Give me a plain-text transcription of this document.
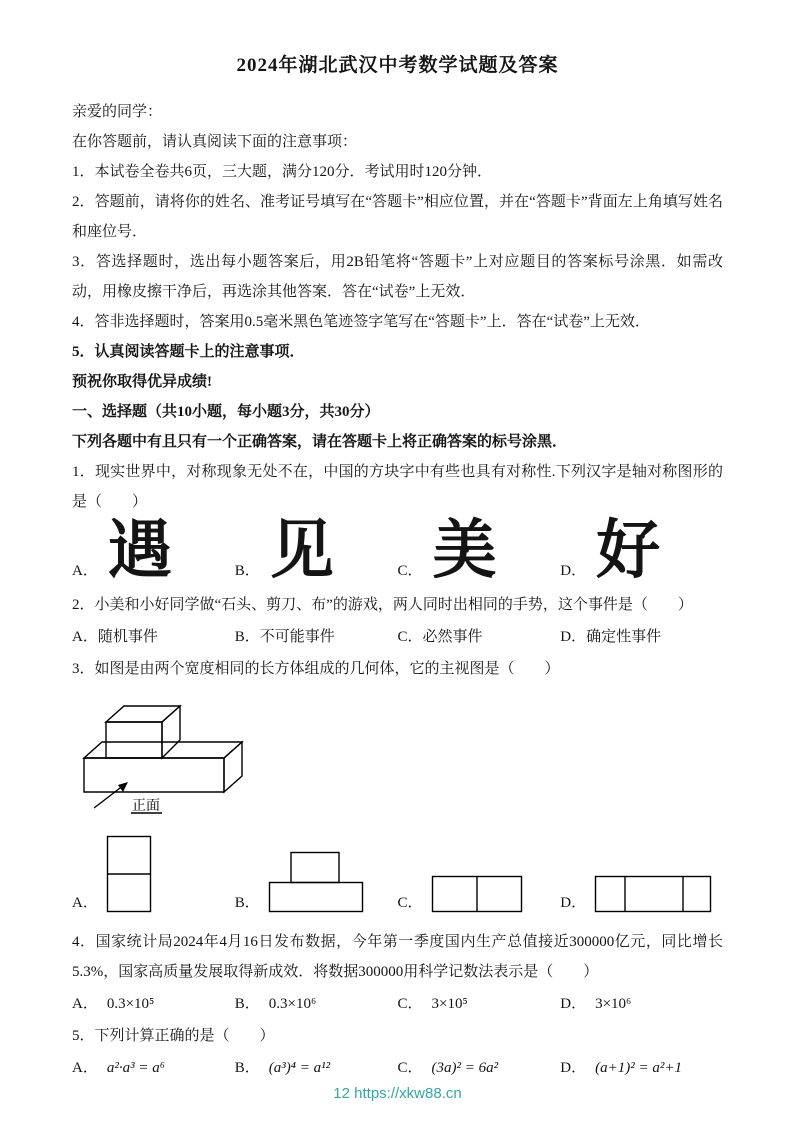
2024年湖北武汉中考数学试题及答案

亲爱的同学：

在你答题前，请认真阅读下面的注意事项：

1．本试卷全卷共6页，三大题，满分120分．考试用时120分钟．

2．答题前，请将你的姓名、准考证号填写在“答题卡”相应位置，并在“答题卡”背面左上角填写姓名和座位号．

3．答选择题时，选出每小题答案后，用2B铅笔将“答题卡”上对应题目的答案标号涂黑．如需改动，用橡皮擦干净后，再选涂其他答案．答在“试卷”上无效．

4．答非选择题时，答案用0.5毫米黑色笔迹签字笔写在“答题卡”上．答在“试卷”上无效．

5．认真阅读答题卡上的注意事项．

预祝你取得优异成绩!

一、选择题（共10小题，每小题3分，共30分）

下列各题中有且只有一个正确答案，请在答题卡上将正确答案的标号涂黑．

1．现实世界中，对称现象无处不在，中国的方块字中有些也具有对称性.下列汉字是轴对称图形的是（　　）

A． 遇	B． 见	C． 美	D． 好

2．小美和小好同学做“石头、剪刀、布”的游戏，两人同时出相同的手势，这个事件是（　　）

A．随机事件	B．不可能事件	C．必然事件	D．确定性事件

3．如图是由两个宽度相同的长方体组成的几何体，它的主视图是（　　）

正面
A．	B．	C．	D．

4．国家统计局2024年4月16日发布数据，今年第一季度国内生产总值接近300000亿元，同比增长5.3%，国家高质量发展取得新成效．将数据300000用科学记数法表示是（　　）

A． 0.3×10⁵	B． 0.3×10⁶	C． 3×10⁵	D． 3×10⁶

5．下列计算正确的是（　　）

A． a²·a³ = a⁶	B． (a³)⁴ = a¹²	C． (3a)² = 6a²	D． (a+1)² = a²+1
12 https://xkw88.cn
